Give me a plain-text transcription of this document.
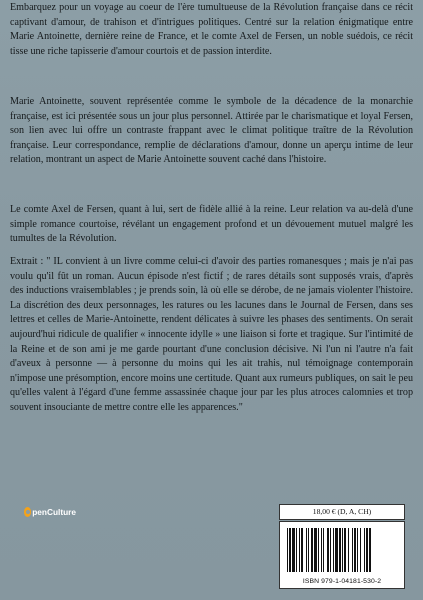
Embarquez pour un voyage au coeur de l'ère tumultueuse de la Révolution française dans ce récit captivant d'amour, de trahison et d'intrigues politiques. Centré sur la relation énigmatique entre Marie Antoinette, dernière reine de France, et le comte Axel de Fersen, un noble suédois, ce récit tisse une riche tapisserie d'amour courtois et de passion interdite.

Marie Antoinette, souvent représentée comme le symbole de la décadence de la monarchie française, est ici présentée sous un jour plus personnel. Attirée par le charismatique et loyal Fersen, son lien avec lui offre un contraste frappant avec le climat politique traître de la Révolution française. Leur correspondance, remplie de déclarations d'amour, donne un aperçu intime de leur relation, montrant un aspect de Marie Antoinette souvent caché dans l'histoire.

Le comte Axel de Fersen, quant à lui, sert de fidèle allié à la reine. Leur relation va au-delà d'une simple romance courtoise, révélant un engagement profond et un dévouement mutuel malgré les tumultes de la Révolution.

Extrait : " IL convient à un livre comme celui-ci d'avoir des parties romanesques ; mais je n'ai pas voulu qu'il fût un roman. Aucun épisode n'est fictif ; de rares détails sont supposés vrais, d'après des inductions vraisemblables ; je prends soin, là où elle se dérobe, de ne jamais violenter l'histoire. La discrétion des deux personnages, les ratures ou les lacunes dans le Journal de Fersen, dans ses lettres et celles de Marie-Antoinette, rendent délicates à suivre les phases des sentiments. On serait aujourd'hui ridicule de qualifier « innocente idylle » une liaison si forte et tragique. Sur l'intimité de la Reine et de son ami je me garde pourtant d'une conclusion décisive. Ni l'un ni l'autre n'a fait d'aveux à personne — à personne du moins qui les ait trahis, nul témoignage contemporain n'impose une présomption, encore moins une certitude. Quant aux rumeurs publiques, on sait le peu qu'elles valent à l'égard d'une femme assassinée chaque jour par les plus atroces calomnies et trop souvent insouciante de mettre contre elle les apparences."

penCulture	18,00 € (D, A, CH)
ISBN 979-1-04181-530-2
